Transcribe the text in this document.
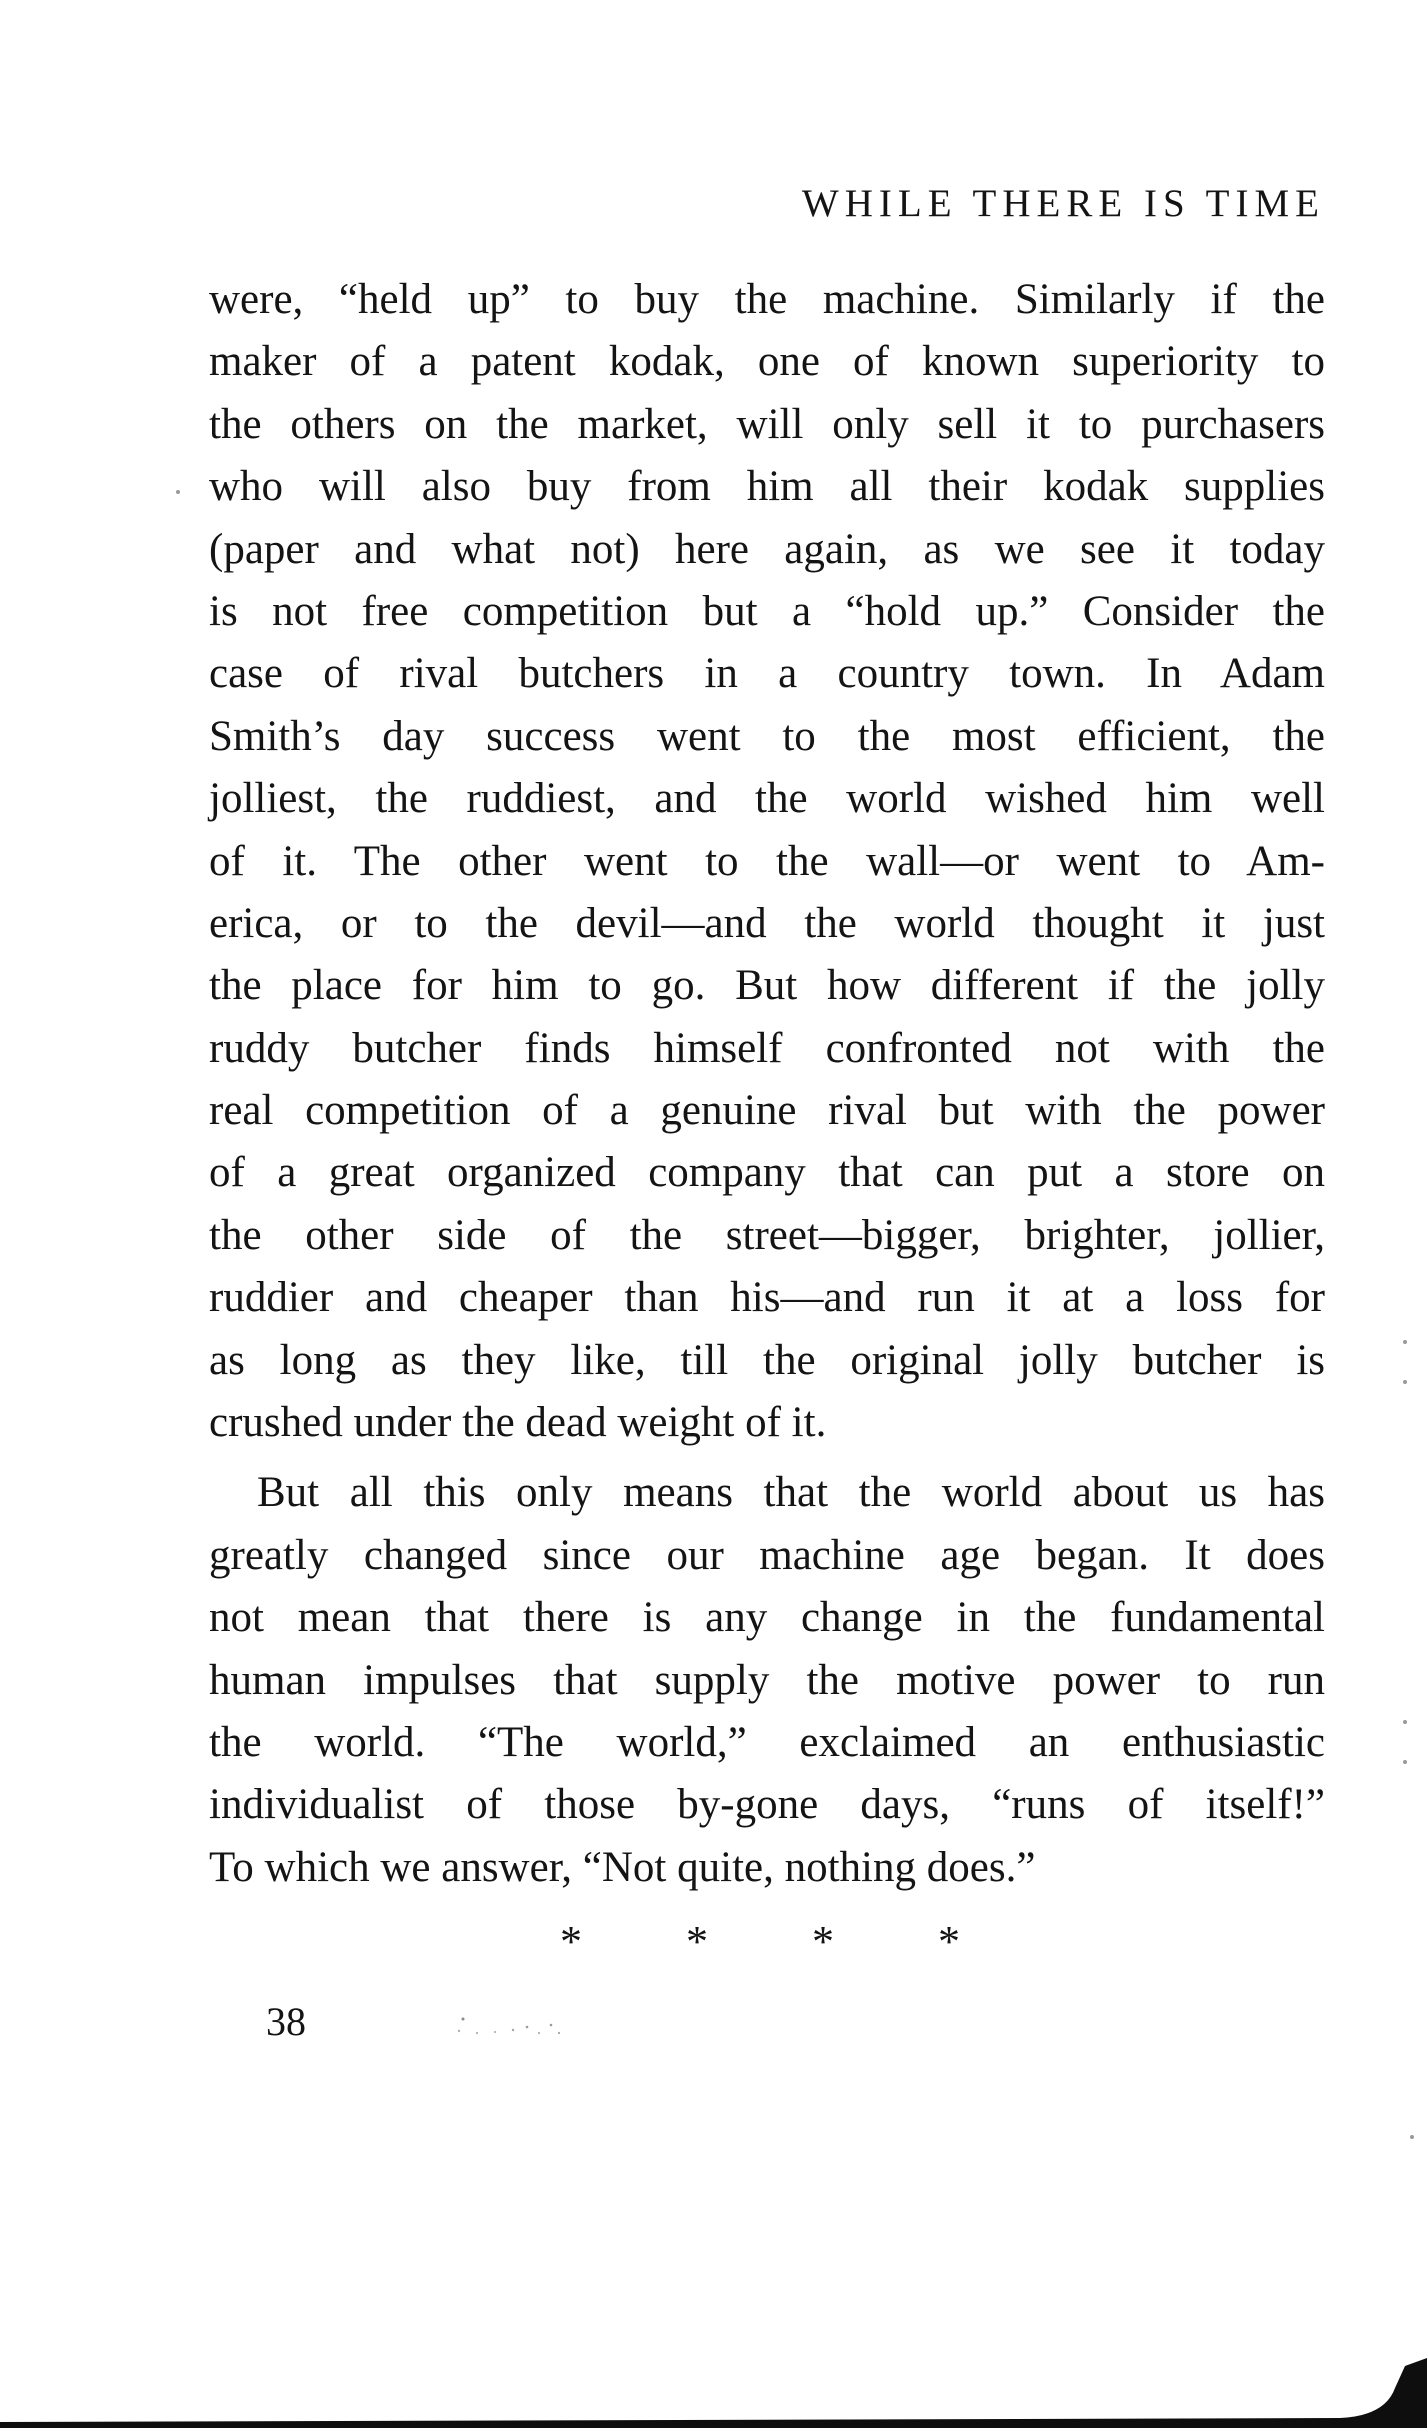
WHILE THERE IS TIME
were, “held up” to buy the machine. Similarly if the
maker of a patent kodak, one of known superiority to
the others on the market, will only sell it to purchasers
who will also buy from him all their kodak supplies
(paper and what not) here again, as we see it today
is not free competition but a “hold up.” Consider the
case of rival butchers in a country town. In Adam
Smith’s day success went to the most efficient, the
jolliest, the ruddiest, and the world wished him well
of it. The other went to the wall—or went to Am-
erica, or to the devil—and the world thought it just
the place for him to go. But how different if the jolly
ruddy butcher finds himself confronted not with the
real competition of a genuine rival but with the power
of a great organized company that can put a store on
the other side of the street—bigger, brighter, jollier,
ruddier and cheaper than his—and run it at a loss for
as long as they like, till the original jolly butcher is
crushed under the dead weight of it.
But all this only means that the world about us has
greatly changed since our machine age began. It does
not mean that there is any change in the fundamental
human impulses that supply the motive power to run
the world. “The world,” exclaimed an enthusiastic
individualist of those by-gone days, “runs of itself!”
To which we answer, “Not quite, nothing does.”
* * * *
38
